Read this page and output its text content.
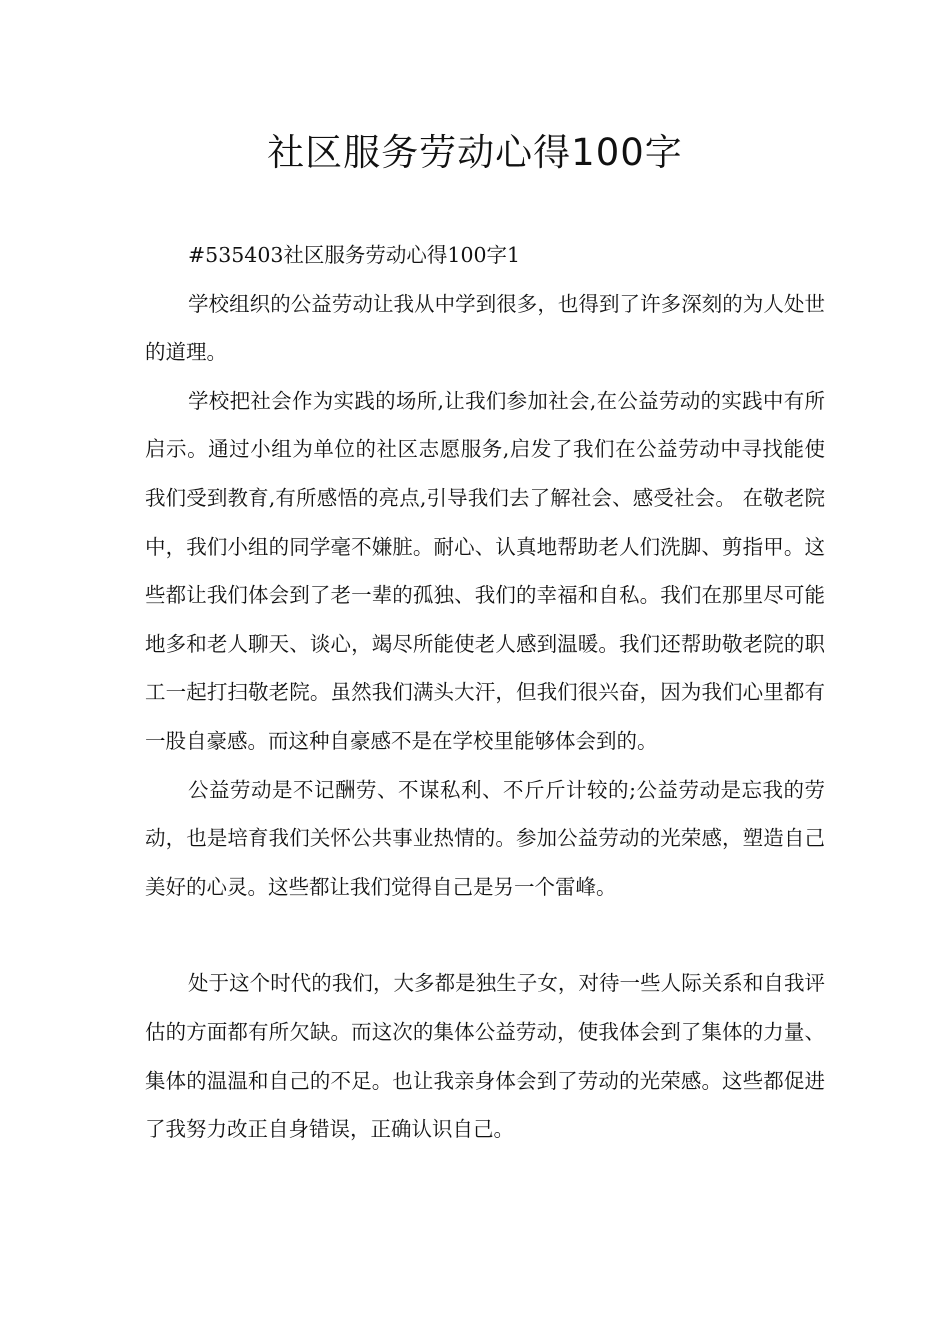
社区服务劳动心得100字

#535403社区服务劳动心得100字1

学校组织的公益劳动让我从中学到很多，也得到了许多深刻的为人处世的道理。

学校把社会作为实践的场所,让我们参加社会,在公益劳动的实践中有所启示。通过小组为单位的社区志愿服务,启发了我们在公益劳动中寻找能使我们受到教育,有所感悟的亮点,引导我们去了解社会、感受社会。 在敬老院中，我们小组的同学毫不嫌脏。耐心、认真地帮助老人们洗脚、剪指甲。这些都让我们体会到了老一辈的孤独、我们的幸福和自私。我们在那里尽可能地多和老人聊天、谈心，竭尽所能使老人感到温暖。我们还帮助敬老院的职工一起打扫敬老院。虽然我们满头大汗，但我们很兴奋，因为我们心里都有一股自豪感。而这种自豪感不是在学校里能够体会到的。

公益劳动是不记酬劳、不谋私利、不斤斤计较的;公益劳动是忘我的劳动，也是培育我们关怀公共事业热情的。参加公益劳动的光荣感，塑造自己美好的心灵。这些都让我们觉得自己是另一个雷峰。

处于这个时代的我们，大多都是独生子女，对待一些人际关系和自我评估的方面都有所欠缺。而这次的集体公益劳动，使我体会到了集体的力量、集体的温温和自己的不足。也让我亲身体会到了劳动的光荣感。这些都促进了我努力改正自身错误，正确认识自己。
